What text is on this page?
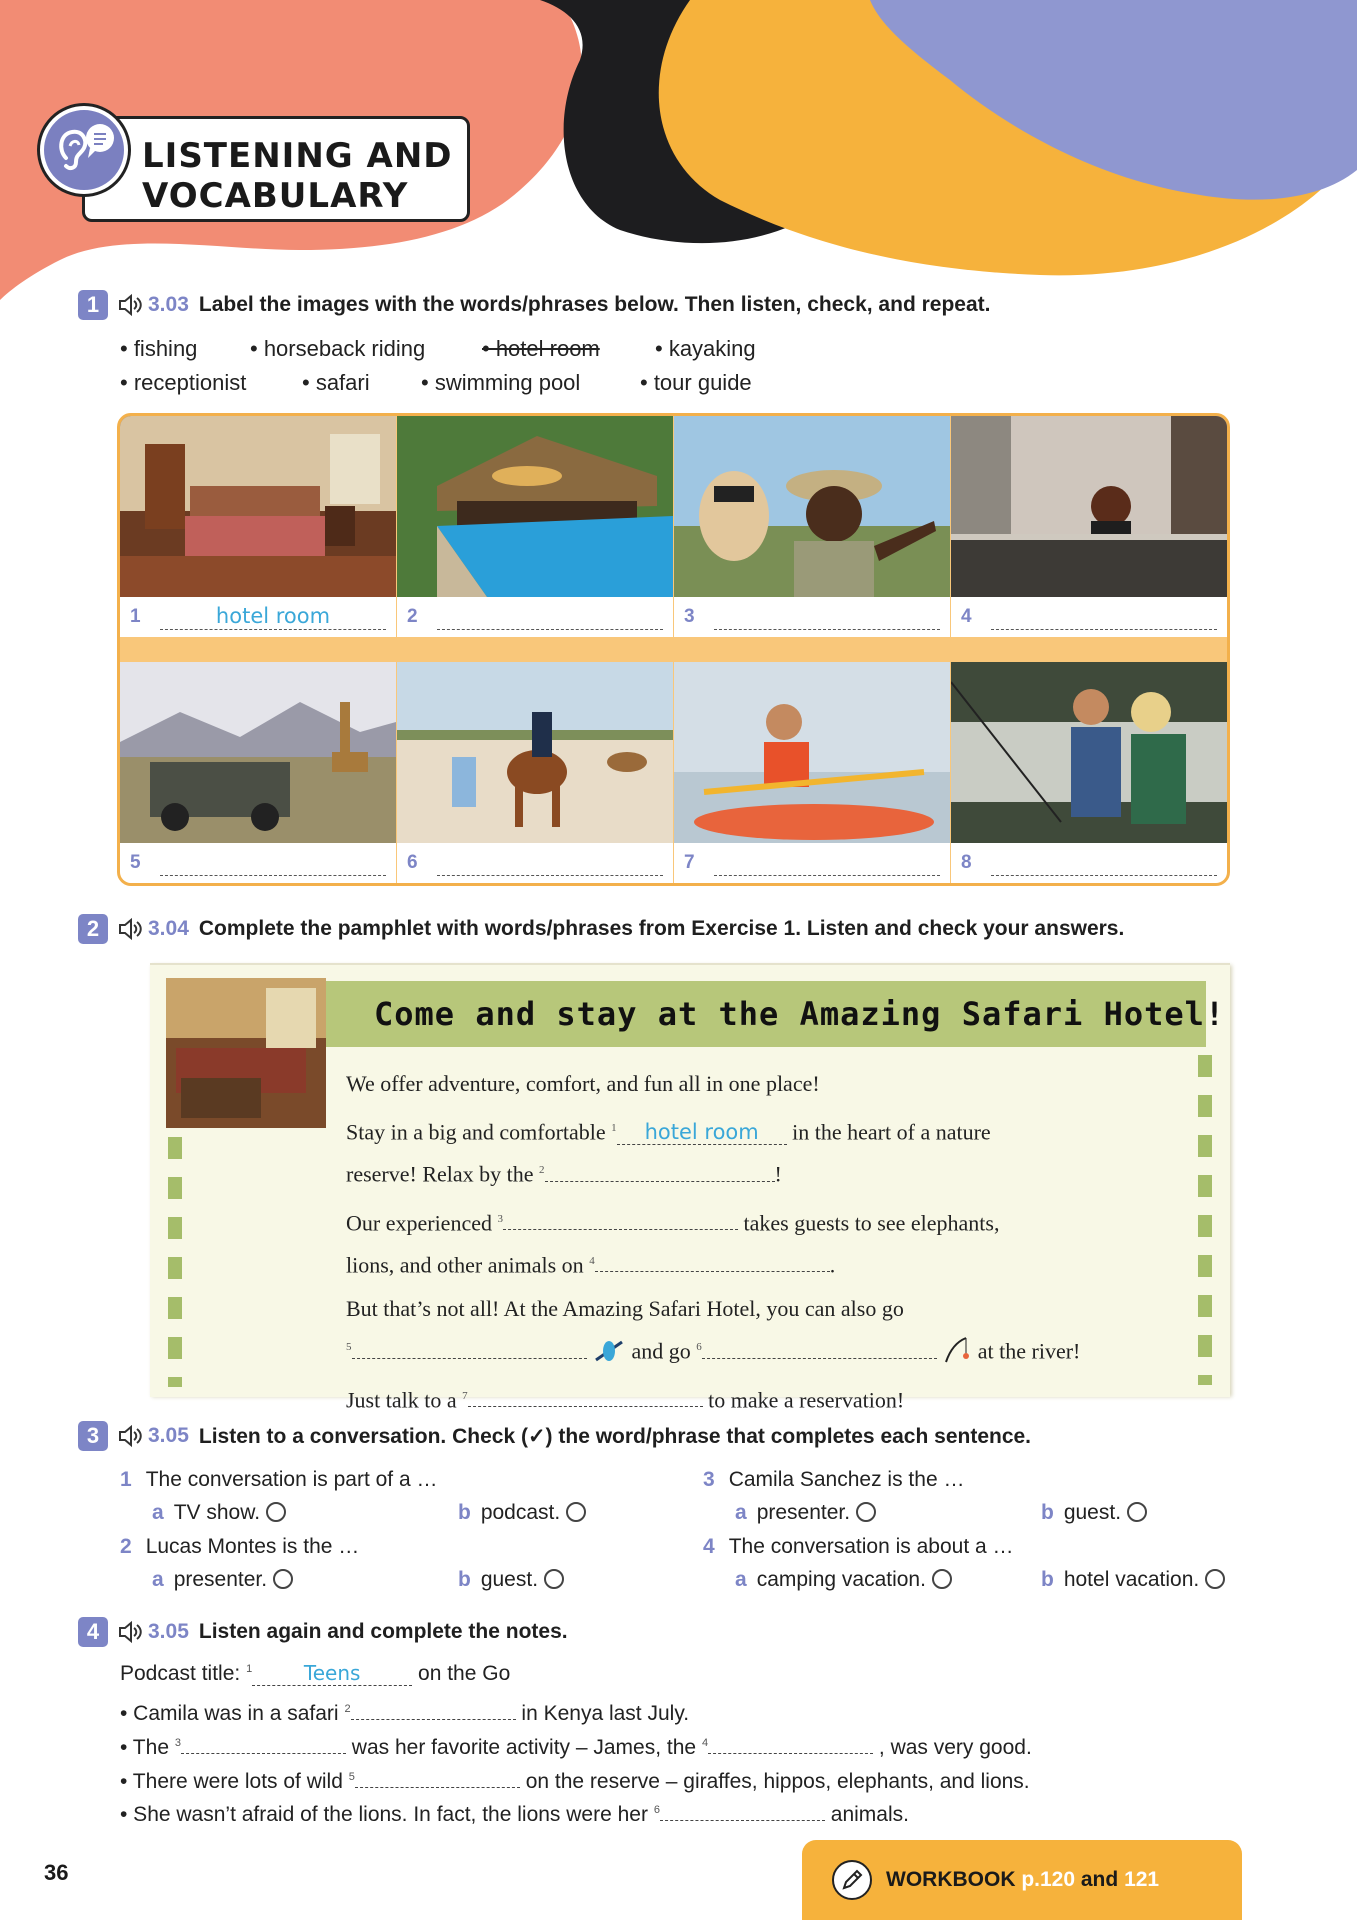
LISTENING AND
VOCABULARY
1	3.03 Label the images with the words/phrases below. Then listen, check, and repeat.
• fishing	• horseback riding	• hotel room	• kayaking
• receptionist	• safari	• swimming pool	• tour guide
1	hotel room	2	3	4
5	6	7	8
2	3.04 Complete the pamphlet with words/phrases from Exercise 1. Listen and check your answers.
Come and stay at the Amazing Safari Hotel!

We offer adventure, comfort, and fun all in one place!

Stay in a big and comfortable $^1$ hotel room in the heart of a nature

reserve! Relax by the $^2$	!

Our experienced $^3$	takes guests to see elephants,

lions, and other animals on $^4$	.

But that’s not all! At the Amazing Safari Hotel, you can also go

$^5$	and go $^6$	at the river!

Just talk to a $^7$	to make a reservation!

3	3.05 Listen to a conversation. Check (✓) the word/phrase that completes each sentence.
1 The conversation is part of a …
a TV show.	b podcast.
2 Lucas Montes is the …
a presenter.	b guest.
3 Camila Sanchez is the …
a presenter.	b guest.
4 The conversation is about a …
a camping vacation.	b hotel vacation.
4	3.05 Listen again and complete the notes.
Podcast title: $^1$	Teens on the Go
• Camila was in a safari $^2$	in Kenya last July.
• The $^3$	was her favorite activity – James, the $^4$	, was very good.
• There were lots of wild $^5$	on the reserve – giraffes, hippos, elephants, and lions.
• She wasn’t afraid of the lions. In fact, the lions were her $^6$	animals.
36	WORKBOOK p.120 and 121
